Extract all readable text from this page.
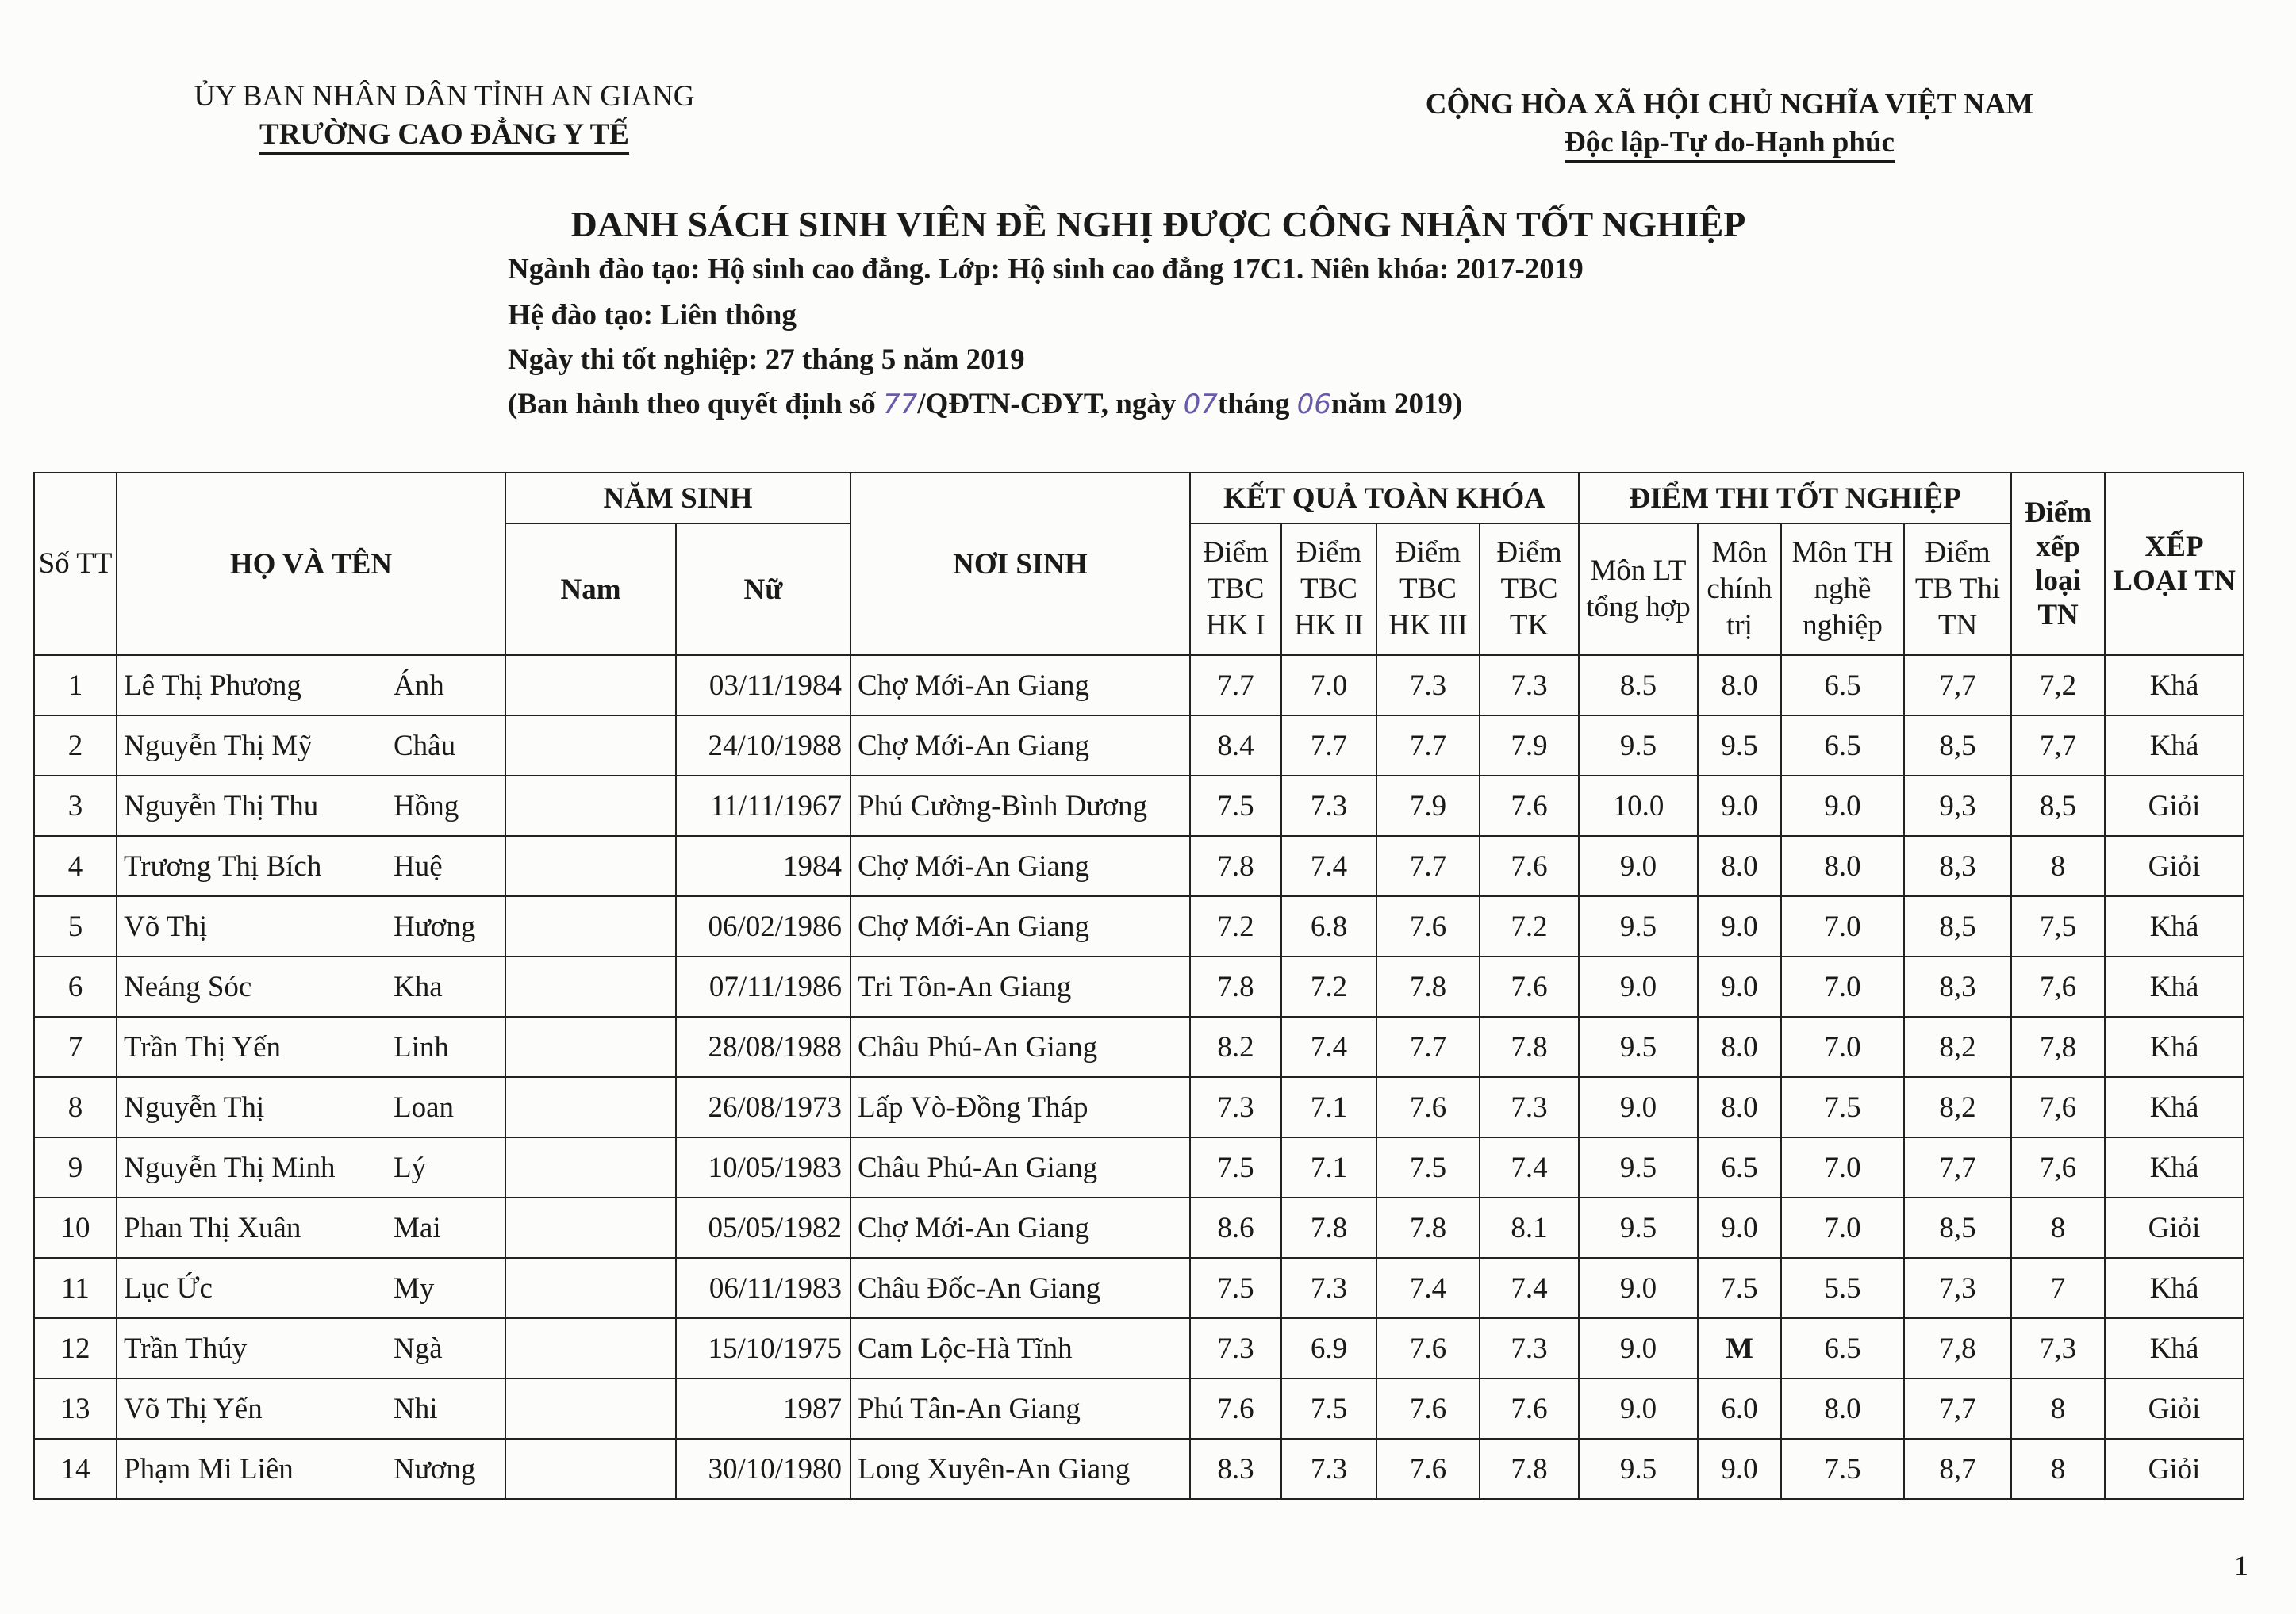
ỦY BAN NHÂN DÂN TỈNH AN GIANG
TRƯỜNG CAO ĐẲNG Y TẾ
CỘNG HÒA XÃ HỘI CHỦ NGHĨA VIỆT NAM
Độc lập-Tự do-Hạnh phúc
DANH SÁCH SINH VIÊN ĐỀ NGHỊ ĐƯỢC CÔNG NHẬN TỐT NGHIỆP
Ngành đào tạo: Hộ sinh cao đẳng. Lớp: Hộ sinh cao đẳng 17C1. Niên khóa: 2017-2019
Hệ đào tạo: Liên thông
Ngày thi tốt nghiệp: 27 tháng 5 năm 2019
(Ban hành theo quyết định số 77/QĐTN-CĐYT, ngày 07tháng 06năm 2019)
Số TT	HỌ VÀ TÊN	NĂM SINH		NƠI SINH	KẾT QUẢ TOÀN KHÓA				ĐIỂM THI TỐT NGHIỆP				Điểm xếp loại TN	XẾP LOẠI TN
		Nam	Nữ		Điểm TBC HK I	Điểm TBC HK II	Điểm TBC HK III	Điểm TBC TK	Môn LT tổng hợp	Môn chính trị	Môn TH nghề nghiệp	Điểm TB Thi TN		
1	Lê Thị Phương Ánh		03/11/1984	Chợ Mới-An Giang	7.7	7.0	7.3	7.3	8.5	8.0	6.5	7,7	7,2	Khá
2	Nguyễn Thị Mỹ Châu		24/10/1988	Chợ Mới-An Giang	8.4	7.7	7.7	7.9	9.5	9.5	6.5	8,5	7,7	Khá
3	Nguyễn Thị Thu Hồng		11/11/1967	Phú Cường-Bình Dương	7.5	7.3	7.9	7.6	10.0	9.0	9.0	9,3	8,5	Giỏi
4	Trương Thị Bích Huệ		1984	Chợ Mới-An Giang	7.8	7.4	7.7	7.6	9.0	8.0	8.0	8,3	8	Giỏi
5	Võ Thị Hương		06/02/1986	Chợ Mới-An Giang	7.2	6.8	7.6	7.2	9.5	9.0	7.0	8,5	7,5	Khá
6	Neáng Sóc Kha		07/11/1986	Tri Tôn-An Giang	7.8	7.2	7.8	7.6	9.0	9.0	7.0	8,3	7,6	Khá
7	Trần Thị Yến Linh		28/08/1988	Châu Phú-An Giang	8.2	7.4	7.7	7.8	9.5	8.0	7.0	8,2	7,8	Khá
8	Nguyễn Thị Loan		26/08/1973	Lấp Vò-Đồng Tháp	7.3	7.1	7.6	7.3	9.0	8.0	7.5	8,2	7,6	Khá
9	Nguyễn Thị Minh Lý		10/05/1983	Châu Phú-An Giang	7.5	7.1	7.5	7.4	9.5	6.5	7.0	7,7	7,6	Khá
10	Phan Thị Xuân Mai		05/05/1982	Chợ Mới-An Giang	8.6	7.8	7.8	8.1	9.5	9.0	7.0	8,5	8	Giỏi
11	Lục Ức My		06/11/1983	Châu Đốc-An Giang	7.5	7.3	7.4	7.4	9.0	7.5	5.5	7,3	7	Khá
12	Trần Thúy Ngà		15/10/1975	Cam Lộc-Hà Tĩnh	7.3	6.9	7.6	7.3	9.0	M	6.5	7,8	7,3	Khá
13	Võ Thị Yến Nhi		1987	Phú Tân-An Giang	7.6	7.5	7.6	7.6	9.0	6.0	8.0	7,7	8	Giỏi
14	Phạm Mi Liên Nương		30/10/1980	Long Xuyên-An Giang	8.3	7.3	7.6	7.8	9.5	9.0	7.5	8,7	8	Giỏi
1
